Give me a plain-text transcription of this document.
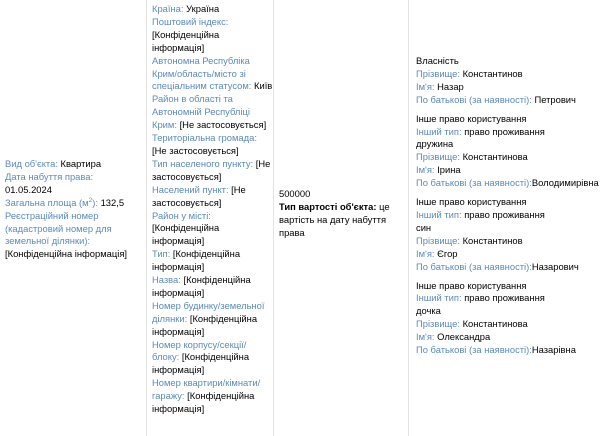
Вид об'єкта: Квартира
Дата набуття права:
01.05.2024
Загальна площа $(м^2)$: 132,5
Реєстраційний номер (кадастровий номер для земельної ділянки):
[Конфіденційна інформація]
Країна: Україна
Поштовий індекс: [Конфіденційна інформація]
Автономна Республіка Крим/область/місто зі спеціальним статусом: Київ
Район в області та Автономній Республіці Крим: [Не застосовується]
Територіальна громада: [Не застосовується]
Тип населеного пункту: [Не застосовується]
Населений пункт: [Не застосовується]
Район у місті: [Конфіденційна інформація]
Тип: [Конфіденційна інформація]
Назва: [Конфіденційна інформація]
Номер будинку/земельної ділянки: [Конфіденційна інформація]
Номер корпусу/секції/блоку: [Конфіденційна інформація]
Номер квартири/кімнати/гаражу: [Конфіденційна інформація]
500000
Тип вартості об'єкта: це вартість на дату набуття права
Власність
Прізвище: Константинов
Ім'я: Назар
По батькові (за наявності): Петрович
Інше право користування
Інший тип: право проживання
дружина
Прізвище: Константинова
Ім'я: Ірина
По батькові (за наявності):Володимирівна
Інше право користування
Інший тип: право проживання
син
Прізвище: Константинов
Ім'я: Єгор
По батькові (за наявності):Назарович
Інше право користування
Інший тип: право проживання
дочка
Прізвище: Константинова
Ім'я: Олександра
По батькові (за наявності):Назарівна
